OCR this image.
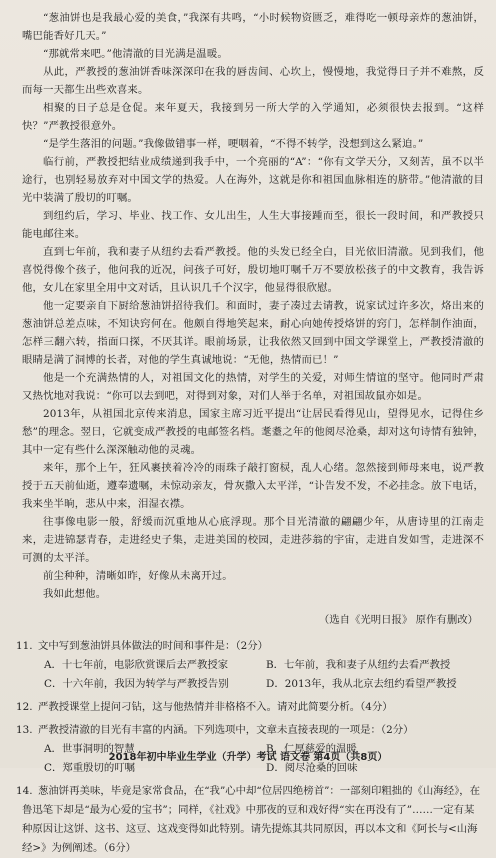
“葱油饼也是我最心爱的美食，”我深有共鸣，“小时候物资匮乏，难得吃一顿母亲炸的葱油饼，嘴巴能香好几天。”

“那就常来吧。”他清澈的目光满是温暖。

从此，严教授的葱油饼香味深深印在我的唇齿间、心坎上，慢慢地，我觉得日子并不难熬，反而每一天都生出些欢喜来。

相聚的日子总是仓促。来年夏天，我接到另一所大学的入学通知，必须很快去报到。“这样快？”严教授很意外。

“是学生落泪的问题。”我像做错事一样，哽咽着，“不得不转学，没想到这么紧迫。”

临行前，严教授把结业成绩递到我手中，一个亮丽的“A”：“你有文学天分，又刻苦，虽不以半途行，也别轻易放弃对中国文学的热爱。人在海外，这就是你和祖国血脉相连的脐带。”他清澈的目光中装满了殷切的叮嘱。

到纽约后，学习、毕业、找工作、女儿出生，人生大事接踵而至，很长一段时间，和严教授只能电邮往来。

直到七年前，我和妻子从纽约去看严教授。他的头发已经全白，目光依旧清澈。见到我们，他喜悦得像个孩子，他问我的近况，问孩子可好，殷切地叮嘱千万不要放松孩子的中文教育，我告诉他，女儿在家里全用中文对话，且认识几千个汉字，他显得很欣慰。

他一定要亲自下厨给葱油饼招待我们。和面时，妻子凑过去请教，说家试过许多次，烙出来的葱油饼总差点味，不知诀窍何在。他颇自得地笑起来，耐心向她传授烙饼的窍门，怎样制作油面，怎样三翻六转，指面口探，不厌其详。眼前场景，让我依然又回到中国文学课堂上，严教授清澈的眼睛是满了洞博的长者，对他的学生真诚地说：“无他，热情而已！”

他是一个充满热情的人，对祖国文化的热情，对学生的关爱，对师生情谊的坚守。他同时严肃又热忱地对我说：“你可以去到吧，对得到对象，对们人举于名单，对祖国故鼠亦如是。

2013年，从祖国北京传来消息，国家主席习近平提出“让居民看得见山，望得见水，记得住乡愁”的理念。翌日，它就变成严教授的电邮签名档。耄耋之年的他阅尽沧桑，却对这句诗情有独钟，其中一定有些什么深深触动他的灵魂。

来年，那个上午，狂风裹挟着冷冷的雨珠子敲打窗棂，乱人心绪。忽然接到师母来电，说严教授于五天前仙逝，遵奉遗嘱，未惊动亲友，骨灰撒入太平洋，“讣告发不发，不必挂念。放下电话，我来坐半晌，悲从中来，泪湿衣襟。

往事像电影一般，舒缓而沉重地从心底浮现。那个目光清澈的翩翩少年，从唐诗里的江南走来，走进锦瑟青春，走进经史子集，走进美国的校园，走进莎翁的宇宙，走进自发如雪，走进深不可测的太平洋。

前尘种种，清晰如昨，好像从未离开过。

我如此想他。

（选自《光明日报》 原作有删改）

11. 文中写到葱油饼具体做法的时间和事件是：（2分）

A．十七年前，电影欣赏课后去严教授家	B．七年前，我和妻子从纽约去看严教授
C．十六年前，我因为转学与严教授告别	D．2013年，我从北京去纽约看望严教授

12. 严教授课堂上提问刁钻，这与他热情并非格格不入。请对此简要分析。（4分）

13. 严教授清澈的目光有丰富的内涵。下列选项中，文章未直接表现的一项是：（2分）

A．世事洞明的智慧	B．仁厚慈爱的温暖
C．郑重殷切的叮嘱	D．阅尽沧桑的回味

14. 葱油饼再美味，毕竟是家常食品，在“我”心中却“位居四绝榜首”：一部刻印粗拙的《山海经》，在鲁迅笔下却是“最为心爱的宝书”；同样，《社戏》中那夜的豆和戏好得“实在再没有了”……一定有某种原因让这饼、这书、这豆、这戏变得如此特别。请先提炼其共同原因，再以本文和《阿长与<山海经>》为例阐述。（6分）

2018年初中毕业生学业（升学）考试 语文卷 第4页（共8页）
